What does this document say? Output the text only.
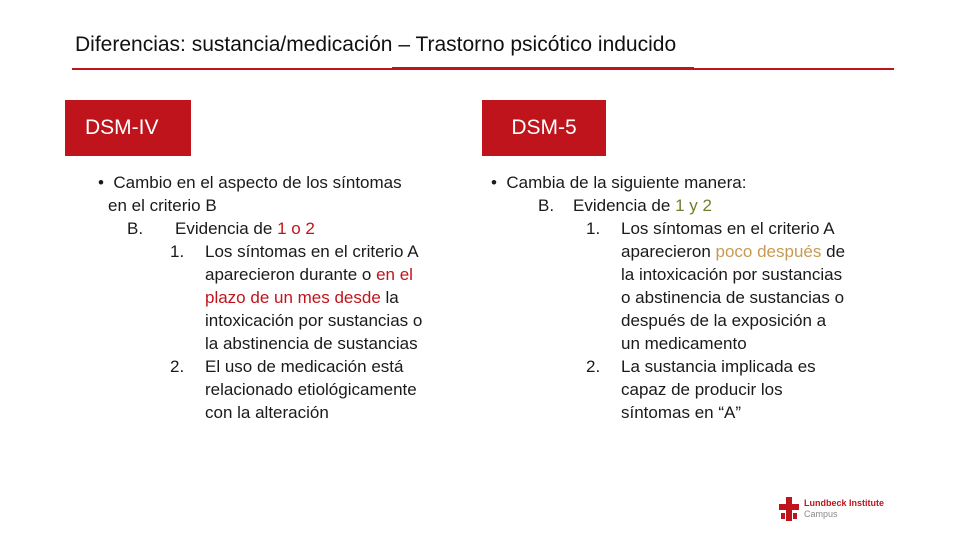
Diferencias: sustancia/medicación – Trastorno psicótico inducido
DSM-IV
• Cambio en el aspecto de los síntomas
en el criterio B
B. Evidencia de 1 o 2
1. Los síntomas en el criterio A
aparecieron durante o en el
plazo de un mes desde la
intoxicación por sustancias o
la abstinencia de sustancias
2. El uso de medicación está
relacionado etiológicamente
con la alteración
DSM-5
• Cambia de la siguiente manera:
B. Evidencia de 1 y 2
1. Los síntomas en el criterio A
aparecieron poco después de
la intoxicación por sustancias
o abstinencia de sustancias o
después de la exposición a
un medicamento
2. La sustancia implicada es
capaz de producir los
síntomas en “A”
Lundbeck Institute
Campus
